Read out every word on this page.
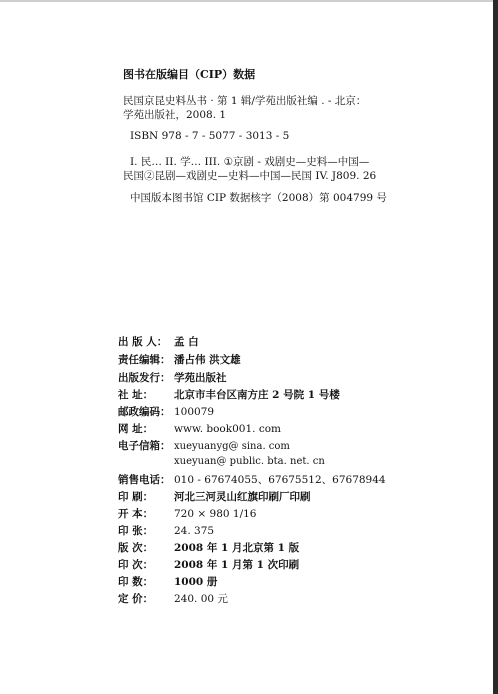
图书在版编目（CIP）数据
民国京昆史料丛书 · 第 1 辑/学苑出版社编 . - 北京：
学苑出版社，2008. 1
ISBN 978 - 7 - 5077 - 3013 - 5
I. 民… II. 学… III. ①京剧 - 戏剧史—史料—中国—
民国②昆剧—戏剧史—史料—中国—民国 IV. J809. 26
中国版本图书馆 CIP 数据核字（2008）第 004799 号
出 版 人： 孟 白
责任编辑： 潘占伟 洪文雄
出版发行： 学苑出版社
社 址： 北京市丰台区南方庄 2 号院 1 号楼
邮政编码： 100079
网 址： www. book001. com
电子信箱： xueyuanyg@ sina. com
xueyuan@ public. bta. net. cn
销售电话： 010 - 67674055、67675512、67678944
印 刷： 河北三河灵山红旗印刷厂印刷
开 本： 720 × 980 1/16
印 张： 24. 375
版 次： 2008 年 1 月北京第 1 版
印 次： 2008 年 1 月第 1 次印刷
印 数： 1000 册
定 价： 240. 00 元
